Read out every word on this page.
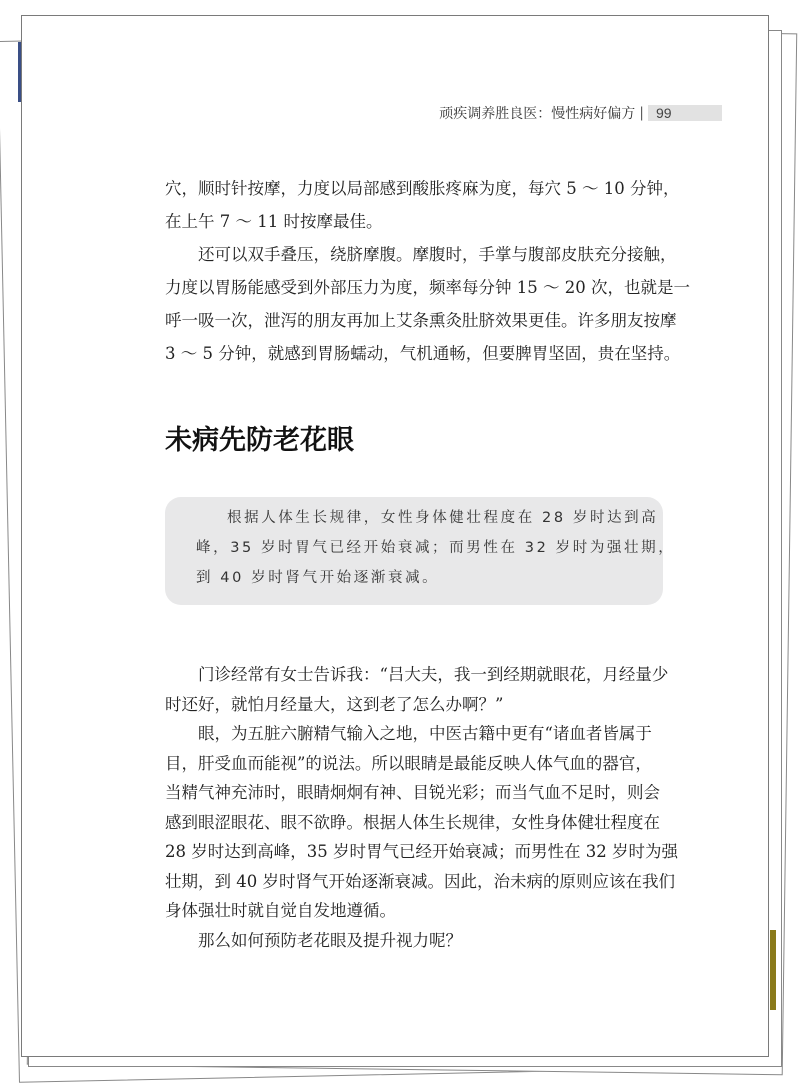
顽疾调养胜良医：慢性病好偏方 | 99
穴，顺时针按摩，力度以局部感到酸胀疼麻为度，每穴 5 ～ 10 分钟，
在上午 7 ～ 11 时按摩最佳。
还可以双手叠压，绕脐摩腹。摩腹时，手掌与腹部皮肤充分接触，
力度以胃肠能感受到外部压力为度，频率每分钟 15 ～ 20 次，也就是一
呼一吸一次，泄泻的朋友再加上艾条熏灸肚脐效果更佳。许多朋友按摩
3 ～ 5 分钟，就感到胃肠蠕动，气机通畅，但要脾胃坚固，贵在坚持。
未病先防老花眼
根据人体生长规律，女性身体健壮程度在 28 岁时达到高
峰，35 岁时胃气已经开始衰减；而男性在 32 岁时为强壮期，
到 40 岁时肾气开始逐渐衰减。
门诊经常有女士告诉我：“吕大夫，我一到经期就眼花，月经量少
时还好，就怕月经量大，这到老了怎么办啊？”
眼，为五脏六腑精气输入之地，中医古籍中更有“诸血者皆属于
目，肝受血而能视”的说法。所以眼睛是最能反映人体气血的器官，
当精气神充沛时，眼睛炯炯有神、目锐光彩；而当气血不足时，则会
感到眼涩眼花、眼不欲睁。根据人体生长规律，女性身体健壮程度在
28 岁时达到高峰，35 岁时胃气已经开始衰减；而男性在 32 岁时为强
壮期，到 40 岁时肾气开始逐渐衰减。因此，治未病的原则应该在我们
身体强壮时就自觉自发地遵循。
那么如何预防老花眼及提升视力呢？
